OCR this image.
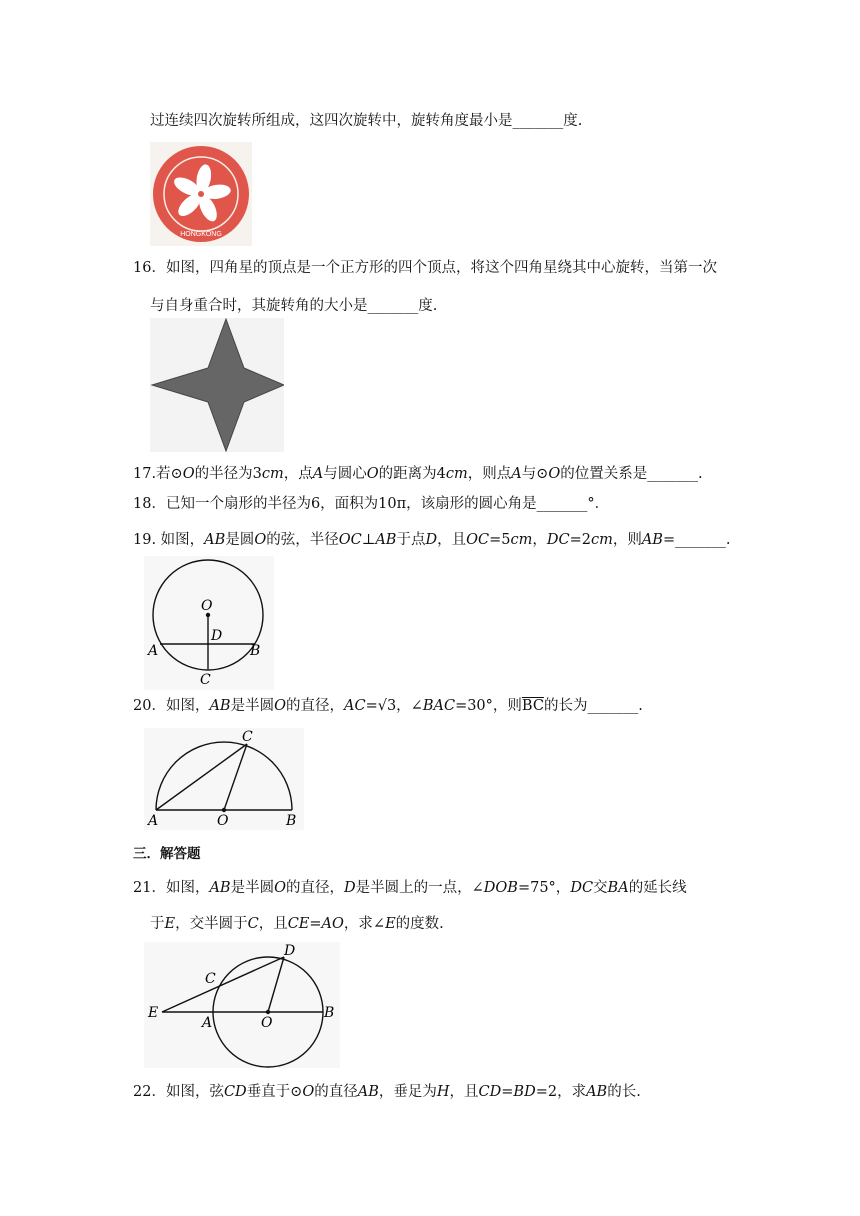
过连续四次旋转所组成，这四次旋转中，旋转角度最小是_______度.
HONGKONG
16．如图，四角星的顶点是一个正方形的四个顶点，将这个四角星绕其中心旋转，当第一次
与自身重合时，其旋转角的大小是_______度.
17.若⊙O的半径为3cm，点A与圆心O的距离为4cm，则点A与⊙O的位置关系是_______.
18．已知一个扇形的半径为6，面积为10π，该扇形的圆心角是_______°．
19. 如图，AB是圆O的弦，半径OC⊥AB于点D，且OC=5cm，DC=2cm，则AB=_______.
O
D
A	B
C
20．如图，AB是半圆O的直径，AC=√3，∠BAC=30°，则$\overline{BC}$的长为_______.
C
A	O	B
三．解答题
21．如图，AB是半圆O的直径，D是半圆上的一点，∠DOB=75°，DC交BA的延长线
于E，交半圆于C，且CE=AO，求∠E的度数.
D
C
E
A	O
B
22．如图，弦CD垂直于⊙O的直径AB，垂足为H，且CD=BD=2，求AB的长.
